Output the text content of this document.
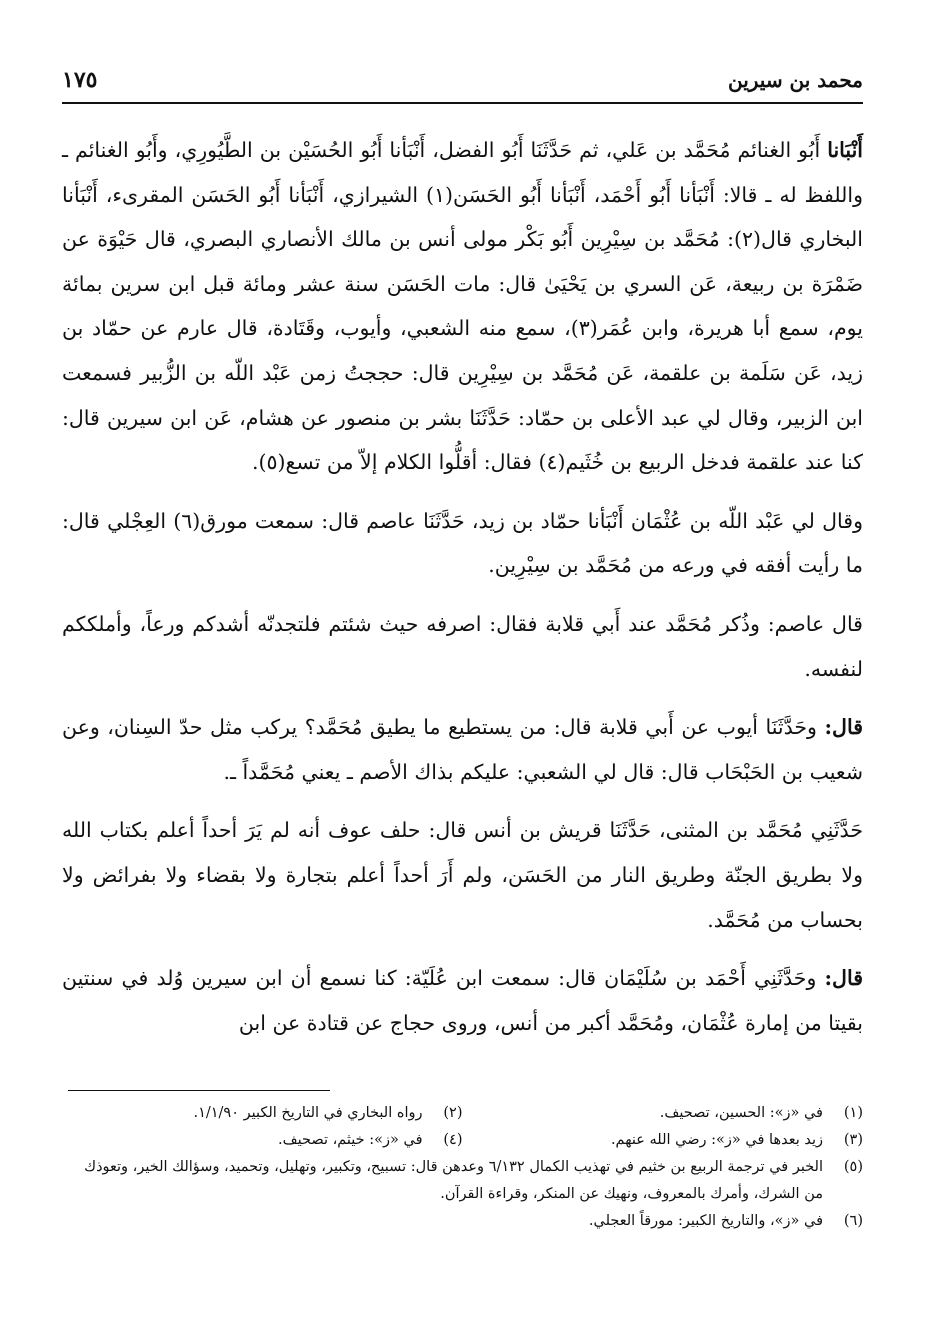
محمد بن سيرين
١٧٥

أَنْبَانا أَبُو الغنائم مُحَمَّد بن عَلي، ثم حَدَّثَنَا أَبُو الفضل، أَنْبَأنا أَبُو الحُسَيْن بن الطَّيُورِي، وأَبُو الغنائم ـ واللفظ له ـ قالا: أَنْبَأنا أَبُو أَحْمَد، أَنْبَأنا أَبُو الحَسَن(١) الشيرازي، أَنْبَأنا أَبُو الحَسَن المقرىء، أَنْبَأنا البخاري قال(٢): مُحَمَّد بن سِيْرِين أَبُو بَكْر مولى أنس بن مالك الأنصاري البصري، قال حَيْوَة عن ضَمْرَة بن ربيعة، عَن السري بن يَحْيَىٰ قال: مات الحَسَن سنة عشر ومائة قبل ابن سرين بمائة يوم، سمع أبا هريرة، وابن عُمَر(٣)، سمع منه الشعبي، وأيوب، وقَتَادة، قال عارم عن حمّاد بن زيد، عَن سَلَمة بن علقمة، عَن مُحَمَّد بن سِيْرِين قال: حججتُ زمن عَبْد اللّه بن الزُّبير فسمعت ابن الزبير، وقال لي عبد الأعلى بن حمّاد: حَدَّثَنَا بشر بن منصور عن هشام، عَن ابن سيرين قال: كنا عند علقمة فدخل الربيع بن خُثَيم(٤) فقال: أقلُّوا الكلام إلاّ من تسع(٥).

وقال لي عَبْد اللّه بن عُثْمَان أَنْبَأنا حمّاد بن زيد، حَدَّثَنَا عاصم قال: سمعت مورق(٦) العِجْلي قال: ما رأيت أفقه في ورعه من مُحَمَّد بن سِيْرِين.

قال عاصم: وذُكر مُحَمَّد عند أَبي قلابة فقال: اصرفه حيث شئتم فلتجدنّه أشدكم ورعاً، وأملككم لنفسه.

قال: وحَدَّثَنَا أيوب عن أَبي قلابة قال: من يستطيع ما يطيق مُحَمَّد؟ يركب مثل حدّ السِنان، وعن شعيب بن الحَبْحَاب قال: قال لي الشعبي: عليكم بذاك الأصم ـ يعني مُحَمَّداً ـ.

حَدَّثَنِي مُحَمَّد بن المثنى، حَدَّثَنَا قريش بن أنس قال: حلف عوف أنه لم يَرَ أحداً أعلم بكتاب الله ولا بطريق الجنّة وطريق النار من الحَسَن، ولم أَرَ أحداً أعلم بتجارة ولا بقضاء ولا بفرائض ولا بحساب من مُحَمَّد.

قال: وحَدَّثَنِي أَحْمَد بن سُلَيْمَان قال: سمعت ابن عُلَيّة: كنا نسمع أن ابن سيرين وُلد في سنتين بقيتا من إمارة عُثْمَان، ومُحَمَّد أكبر من أنس، وروى حجاج عن قتادة عن ابن

(١)
في «ز»: الحسين، تصحيف.
(٢)
رواه البخاري في التاريخ الكبير ١/١/٩٠.
(٣)
زيد بعدها في «ز»: رضي الله عنهم.
(٤)
في «ز»: خيثم، تصحيف.
(٥)
الخبر في ترجمة الربيع بن خثيم في تهذيب الكمال ٦/١٣٢ وعدهن قال: تسبيح، وتكبير، وتهليل، وتحميد، وسؤالك الخير، وتعوذك من الشرك، وأمرك بالمعروف، ونهيك عن المنكر، وقراءة القرآن.
(٦)
في «ز»، والتاريخ الكبير: مورقاً العجلي.
